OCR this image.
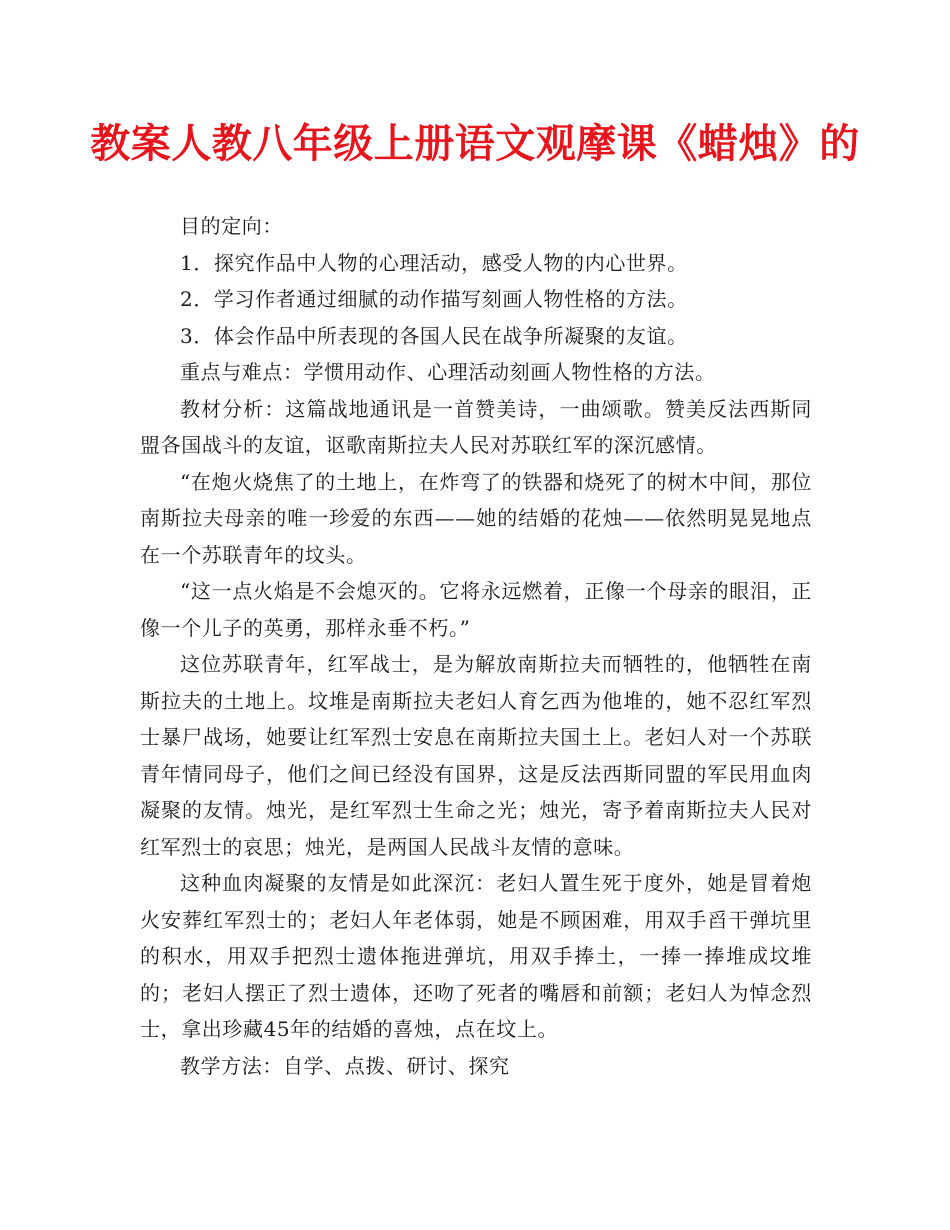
教案人教八年级上册语文观摩课《蜡烛》的

目的定向：

1．探究作品中人物的心理活动，感受人物的内心世界。

2．学习作者通过细腻的动作描写刻画人物性格的方法。

3．体会作品中所表现的各国人民在战争所凝聚的友谊。

重点与难点：学惯用动作、心理活动刻画人物性格的方法。

教材分析：这篇战地通讯是一首赞美诗，一曲颂歌。赞美反法西斯同盟各国战斗的友谊，讴歌南斯拉夫人民对苏联红军的深沉感情。

“在炮火烧焦了的土地上，在炸弯了的铁器和烧死了的树木中间，那位南斯拉夫母亲的唯一珍爱的东西——她的结婚的花烛——依然明晃晃地点在一个苏联青年的坟头。

“这一点火焰是不会熄灭的。它将永远燃着，正像一个母亲的眼泪，正像一个儿子的英勇，那样永垂不朽。”

这位苏联青年，红军战士，是为解放南斯拉夫而牺牲的，他牺牲在南斯拉夫的土地上。坟堆是南斯拉夫老妇人育乞西为他堆的，她不忍红军烈士暴尸战场，她要让红军烈士安息在南斯拉夫国土上。老妇人对一个苏联青年情同母子，他们之间已经没有国界，这是反法西斯同盟的军民用血肉凝聚的友情。烛光，是红军烈士生命之光；烛光，寄予着南斯拉夫人民对红军烈士的哀思；烛光，是两国人民战斗友情的意味。

这种血肉凝聚的友情是如此深沉：老妇人置生死于度外，她是冒着炮火安葬红军烈士的；老妇人年老体弱，她是不顾困难，用双手舀干弹坑里的积水，用双手把烈士遗体拖进弹坑，用双手捧土，一捧一捧堆成坟堆的；老妇人摆正了烈士遗体，还吻了死者的嘴唇和前额；老妇人为悼念烈士，拿出珍藏45年的结婚的喜烛，点在坟上。

教学方法：自学、点拨、研讨、探究
